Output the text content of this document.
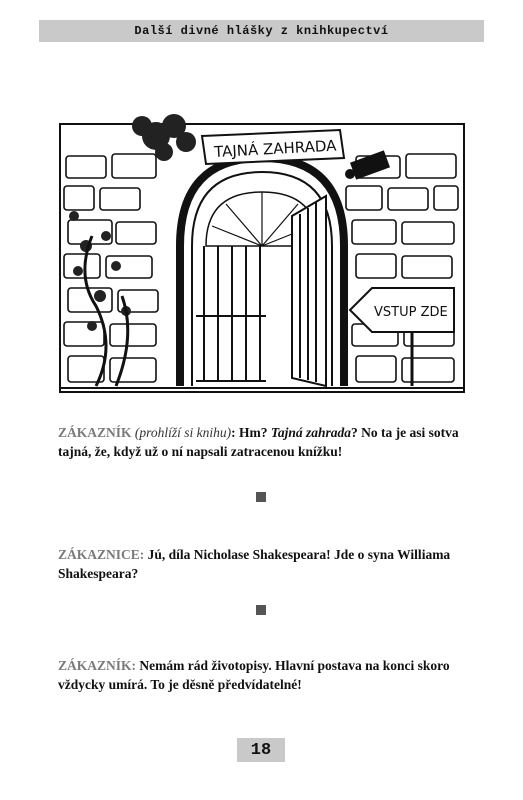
Další divné hlášky z knihkupectví
TAJNÁ ZAHRADA
VSTUP ZDE
ZÁKAZNÍK (prohlíží si knihu): Hm? Tajná zahrada? No ta je asi sotva tajná, že, když už o ní napsali zatracenou knížku!
ZÁKAZNICE: Jú, díla Nicholase Shakespeara! Jde o syna Williama Shakespeara?
ZÁKAZNÍK: Nemám rád životopisy. Hlavní postava na konci skoro vždycky umírá. To je děsně předvídatelné!
18
